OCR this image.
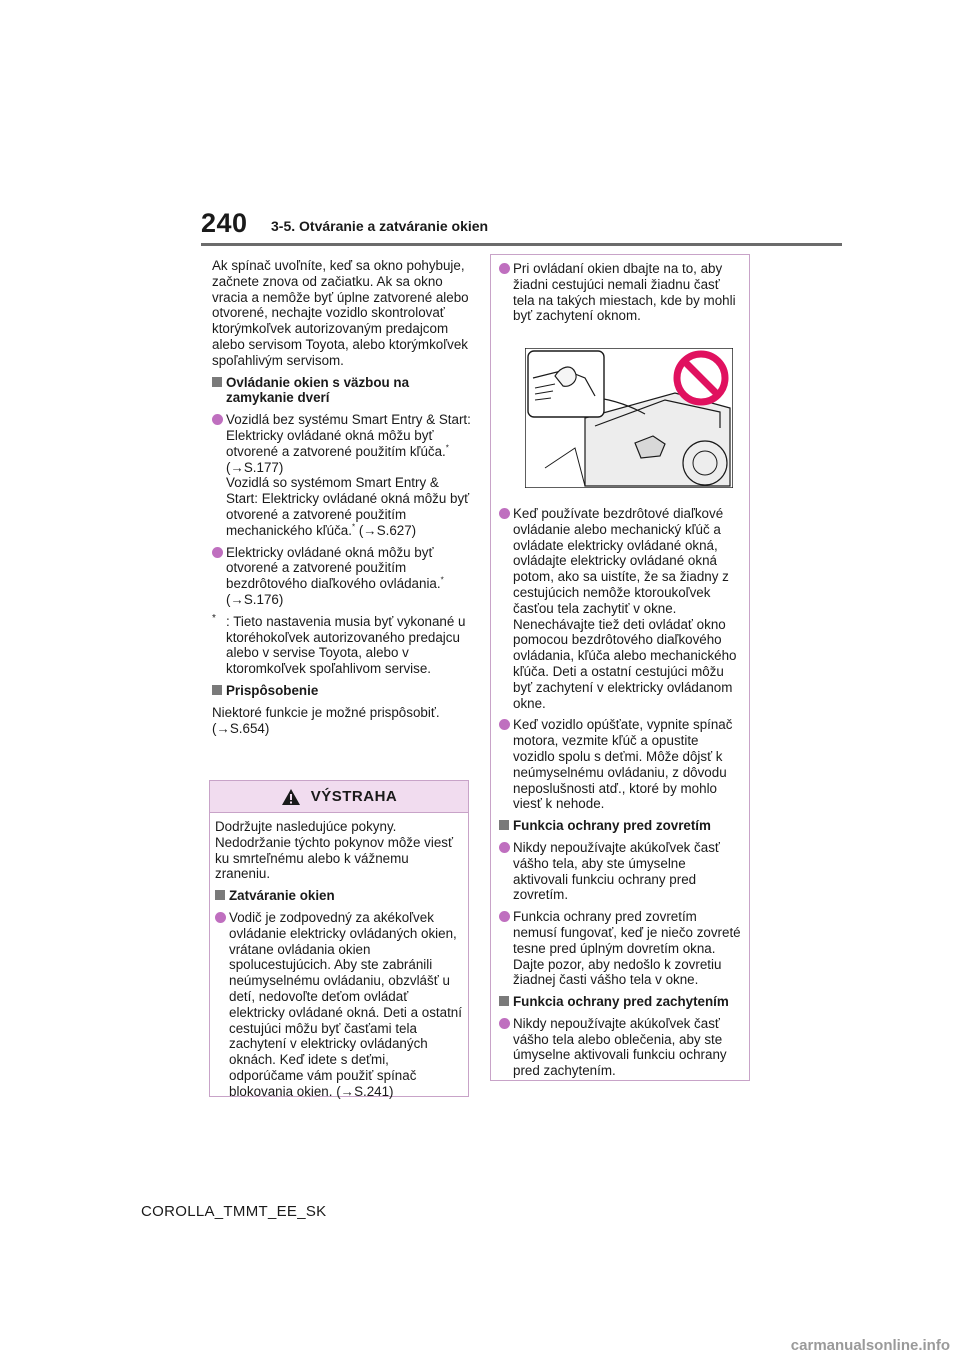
240 3-5. Otváranie a zatváranie okien

Ak spínač uvoľníte, keď sa okno pohybuje, začnete znova od začiatku. Ak sa okno vracia a nemôže byť úplne zatvorené alebo otvorené, nechajte vozidlo skontrolovať ktorýmkoľvek autorizovaným predajcom alebo servisom Toyota, alebo ktorýmkoľvek spoľahlivým servisom.

Ovládanie okien s väzbou na zamykanie dverí
Vozidlá bez systému Smart Entry & Start: Elektricky ovládané okná môžu byť otvorené a zatvorené použitím kľúča.* (→S.177)
Vozidlá so systémom Smart Entry & Start: Elektricky ovládané okná môžu byť otvorené a zatvorené použitím mechanického kľúča.* (→S.627)
Elektricky ovládané okná môžu byť otvorené a zatvorené použitím bezdrôtového diaľkového ovládania.*
(→S.176)
* : Tieto nastavenia musia byť vykonané u ktoréhokoľvek autorizovaného predajcu alebo v servise Toyota, alebo v ktoromkoľvek spoľahlivom servise.
Prispôsobenie

Niektoré funkcie je možné prispôsobiť.
(→S.654)

VÝSTRAHA

Dodržujte nasledujúce pokyny. Nedodržanie týchto pokynov môže viesť ku smrteľnému alebo k vážnemu zraneniu.

Zatváranie okien
Vodič je zodpovedný za akékoľvek ovládanie elektricky ovládaných okien, vrátane ovládania okien spolucestujúcich. Aby ste zabránili neúmyselnému ovládaniu, obzvlášť u detí, nedovoľte deťom ovládať elektricky ovládané okná. Deti a ostatní cestujúci môžu byť časťami tela zachytení v elektricky ovládaných oknách. Keď idete s deťmi, odporúčame vám použiť spínač blokovania okien. (→S.241)
Pri ovládaní okien dbajte na to, aby žiadni cestujúci nemali žiadnu časť tela na takých miestach, kde by mohli byť zachytení oknom.
Keď používate bezdrôtové diaľkové ovládanie alebo mechanický kľúč a ovládate elektricky ovládané okná, ovládajte elektricky ovládané okná potom, ako sa uistíte, že sa žiadny z cestujúcich nemôže ktoroukoľvek časťou tela zachytiť v okne. Nenechávajte tiež deti ovládať okno pomocou bezdrôtového diaľkového ovládania, kľúča alebo mechanického kľúča. Deti a ostatní cestujúci môžu byť zachytení v elektricky ovládanom okne.
Keď vozidlo opúšťate, vypnite spínač motora, vezmite kľúč a opustite vozidlo spolu s deťmi. Môže dôjsť k neúmyselnému ovládaniu, z dôvodu neposlušnosti atď., ktoré by mohlo viesť k nehode.
Funkcia ochrany pred zovretím
Nikdy nepoužívajte akúkoľvek časť vášho tela, aby ste úmyselne aktivovali funkciu ochrany pred zovretím.
Funkcia ochrany pred zovretím nemusí fungovať, keď je niečo zovreté tesne pred úplným dovretím okna. Dajte pozor, aby nedošlo k zovretiu žiadnej časti vášho tela v okne.
Funkcia ochrany pred zachytením
Nikdy nepoužívajte akúkoľvek časť vášho tela alebo oblečenia, aby ste úmyselne aktivovali funkciu ochrany pred zachytením.
COROLLA_TMMT_EE_SK
carmanualsonline.info
